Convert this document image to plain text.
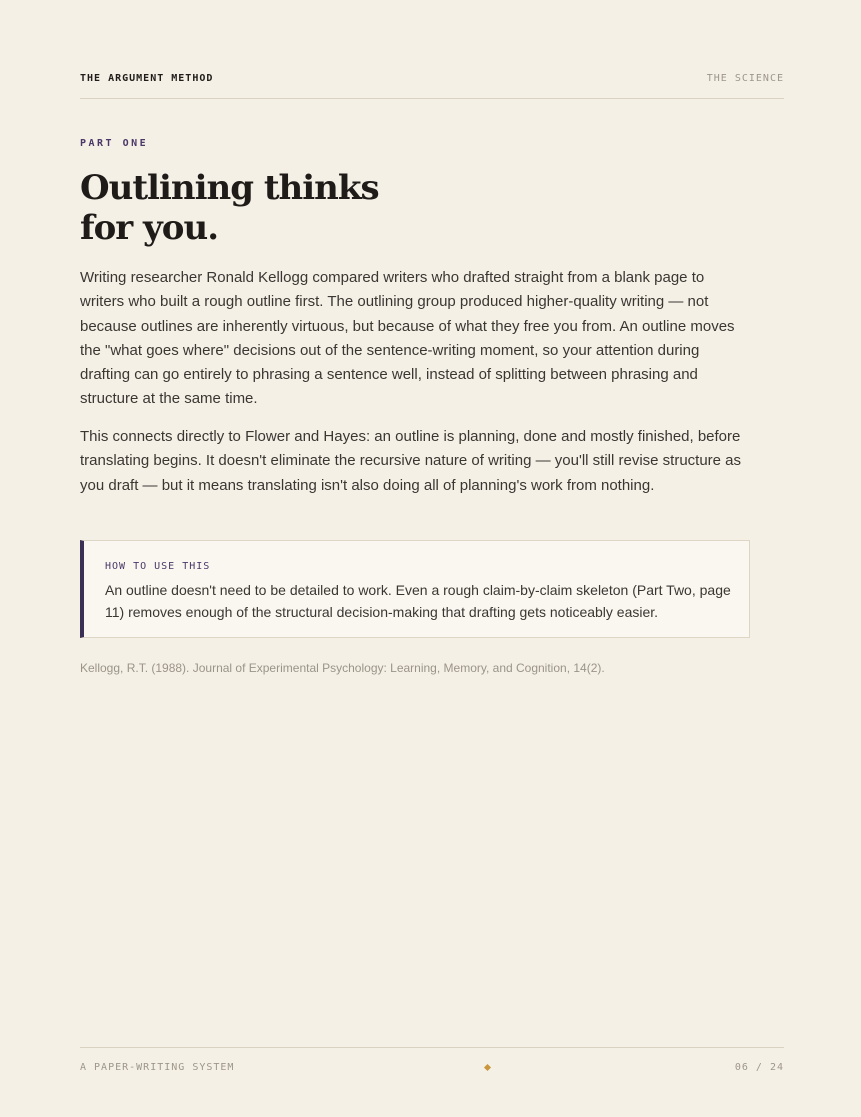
THE ARGUMENT METHOD	THE SCIENCE
PART ONE
Outlining thinks
for you.

Writing researcher Ronald Kellogg compared writers who drafted straight from a blank page to writers who built a rough outline first. The outlining group produced higher-quality writing — not because outlines are inherently virtuous, but because of what they free you from. An outline moves the "what goes where" decisions out of the sentence-writing moment, so your attention during drafting can go entirely to phrasing a sentence well, instead of splitting between phrasing and structure at the same time.

This connects directly to Flower and Hayes: an outline is planning, done and mostly finished, before translating begins. It doesn't eliminate the recursive nature of writing — you'll still revise structure as you draft — but it means translating isn't also doing all of planning's work from nothing.

HOW TO USE THIS
An outline doesn't need to be detailed to work. Even a rough claim-by-claim skeleton (Part Two, page 11) removes enough of the structural decision-making that drafting gets noticeably easier.
Kellogg, R.T. (1988). Journal of Experimental Psychology: Learning, Memory, and Cognition, 14(2).
A PAPER-WRITING SYSTEM	06 / 24
